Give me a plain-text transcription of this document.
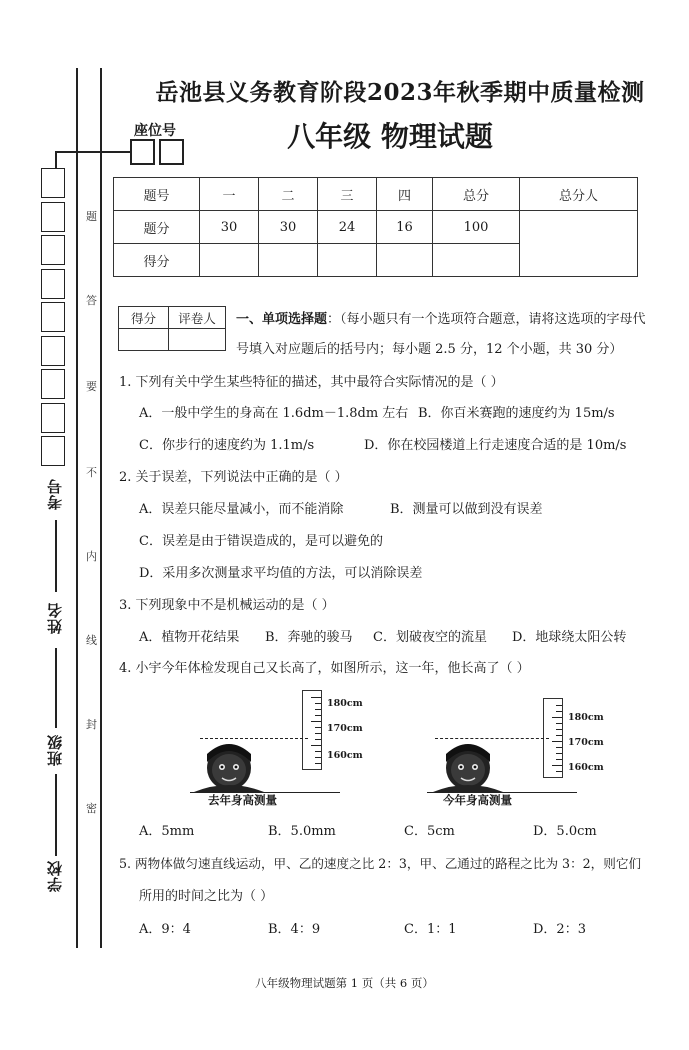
题
答
要
不
内
线
封
密
考号
姓名
班级
学校
座位号
岳池县义务教育阶段2023年秋季期中质量检测
八年级 物理试题
题号	一	二	三	四	总分	总分人
题分	30	30	24	16	100	
得分						
得分	评卷人
	一、单项选择题：（每小题只有一个选项符合题意，请将这选项的字母代
号填入对应题后的括号内；每小题 2.5 分，12 个小题，共 30 分）
1. 下列有关中学生某些特征的描述，其中最符合实际情况的是（ ）
A．一般中学生的身高在 1.6dm－1.8dm 左右 B．你百米赛跑的速度约为 15m/s
C．你步行的速度约为 1.1m/s	D．你在校园楼道上行走速度合适的是 10m/s
2. 关于误差，下列说法中正确的是（ ）
A．误差只能尽量减小，而不能消除	B．测量可以做到没有误差
C．误差是由于错误造成的，是可以避免的
D．采用多次测量求平均值的方法，可以消除误差
3. 下列现象中不是机械运动的是（ ）
A．植物开花结果 B．奔驰的骏马 C．划破夜空的流星 D．地球绕太阳公转
4. 小宇今年体检发现自己又长高了，如图所示，这一年，他长高了（ ）
180cm
170cm
160cm
去年身高测量
180cm
170cm
160cm
今年身高测量
A．5mm	B．5.0mm	C．5cm	D．5.0cm
5. 两物体做匀速直线运动，甲、乙的速度之比 2：3，甲、乙通过的路程之比为 3：2，则它们
所用的时间之比为（ ）
A．9：4	B．4：9	C．1：1	D．2：3
八年级物理试题第 1 页（共 6 页）
